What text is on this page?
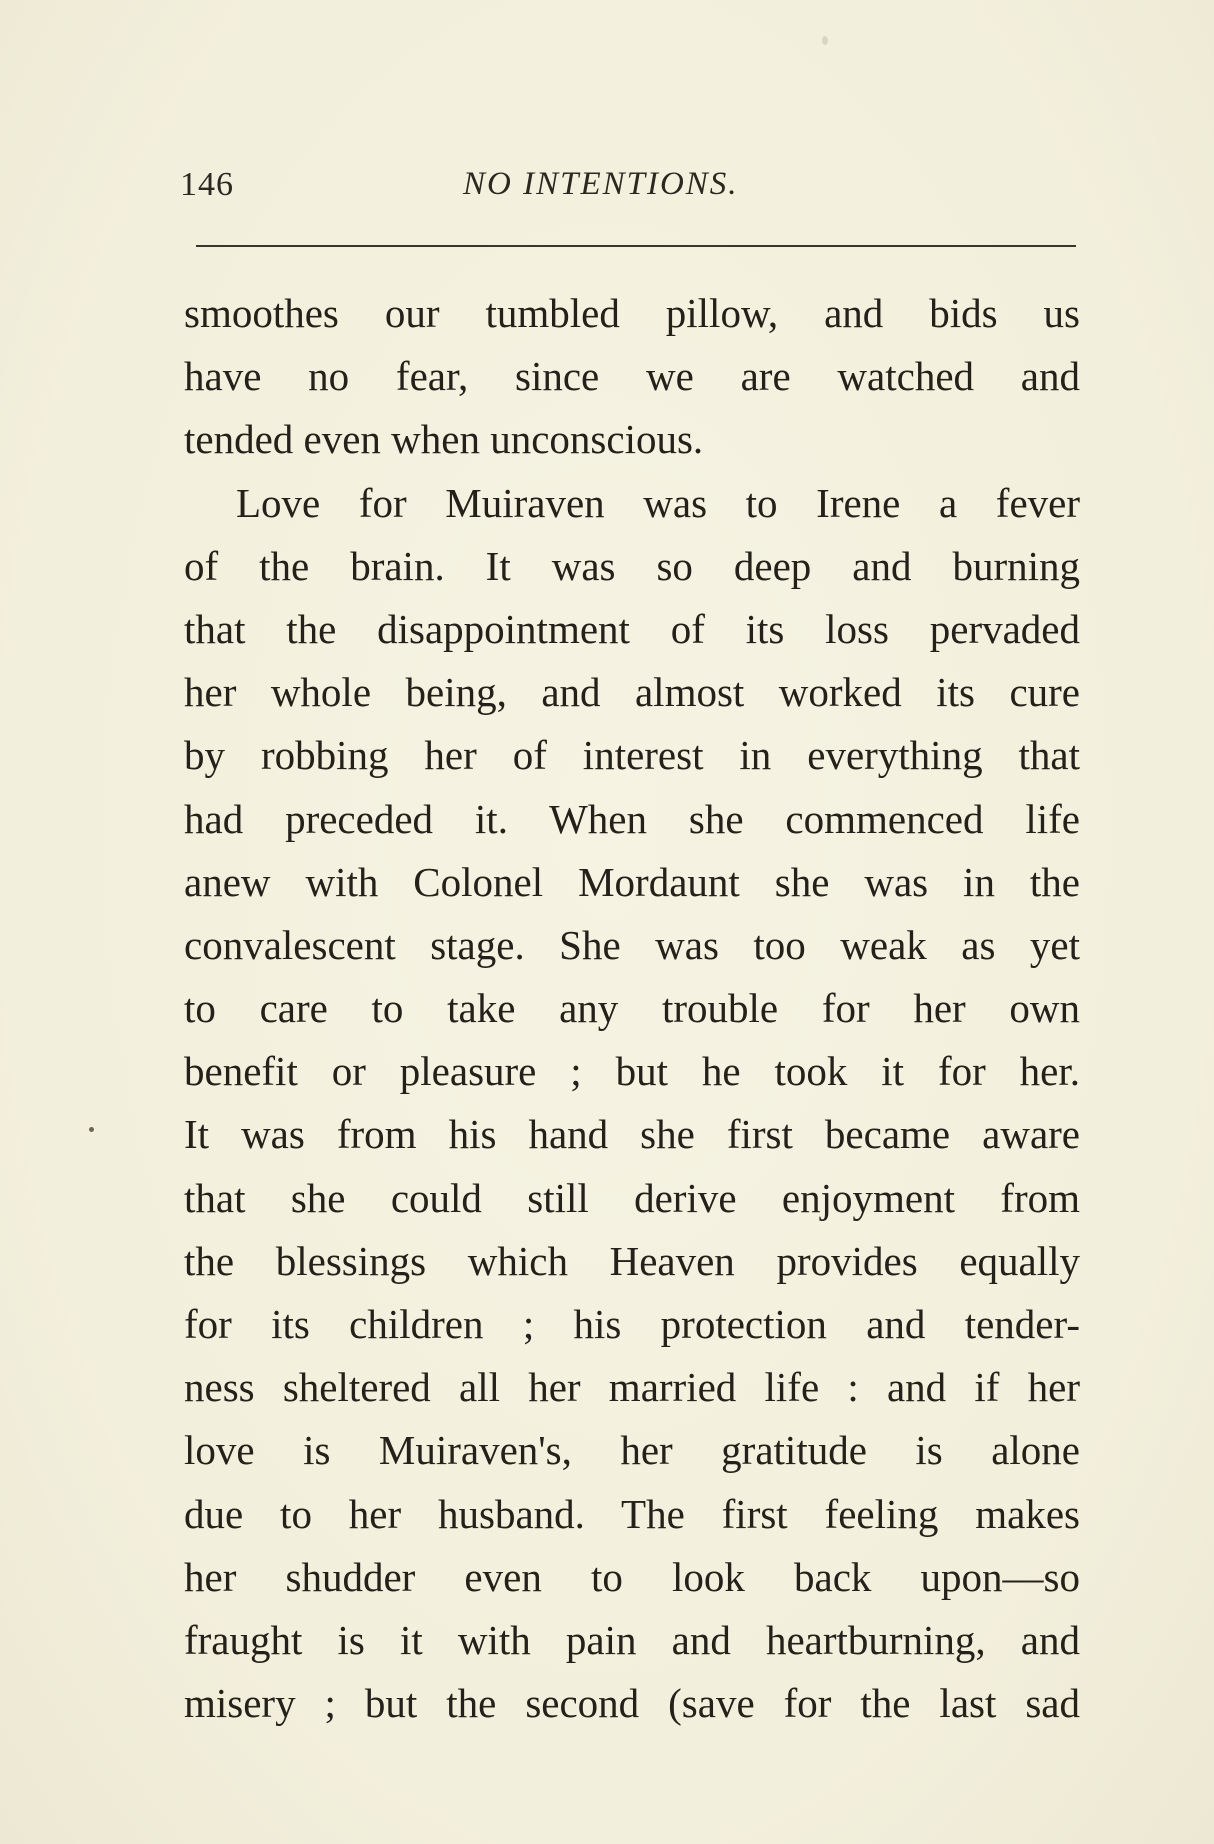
146	NO INTENTIONS.
smoothes our tumbled pillow, and bids us
have no fear, since we are watched and
tended even when unconscious.
Love for Muiraven was to Irene a fever
of the brain. It was so deep and burning
that the disappointment of its loss pervaded
her whole being, and almost worked its cure
by robbing her of interest in everything that
had preceded it. When she commenced life
anew with Colonel Mordaunt she was in the
convalescent stage. She was too weak as yet
to care to take any trouble for her own
benefit or pleasure ; but he took it for her.
It was from his hand she first became aware
that she could still derive enjoyment from
the blessings which Heaven provides equally
for its children ; his protection and tender-
ness sheltered all her married life : and if her
love is Muiraven's, her gratitude is alone
due to her husband. The first feeling makes
her shudder even to look back upon—so
fraught is it with pain and heartburning, and
misery ; but the second (save for the last sad
